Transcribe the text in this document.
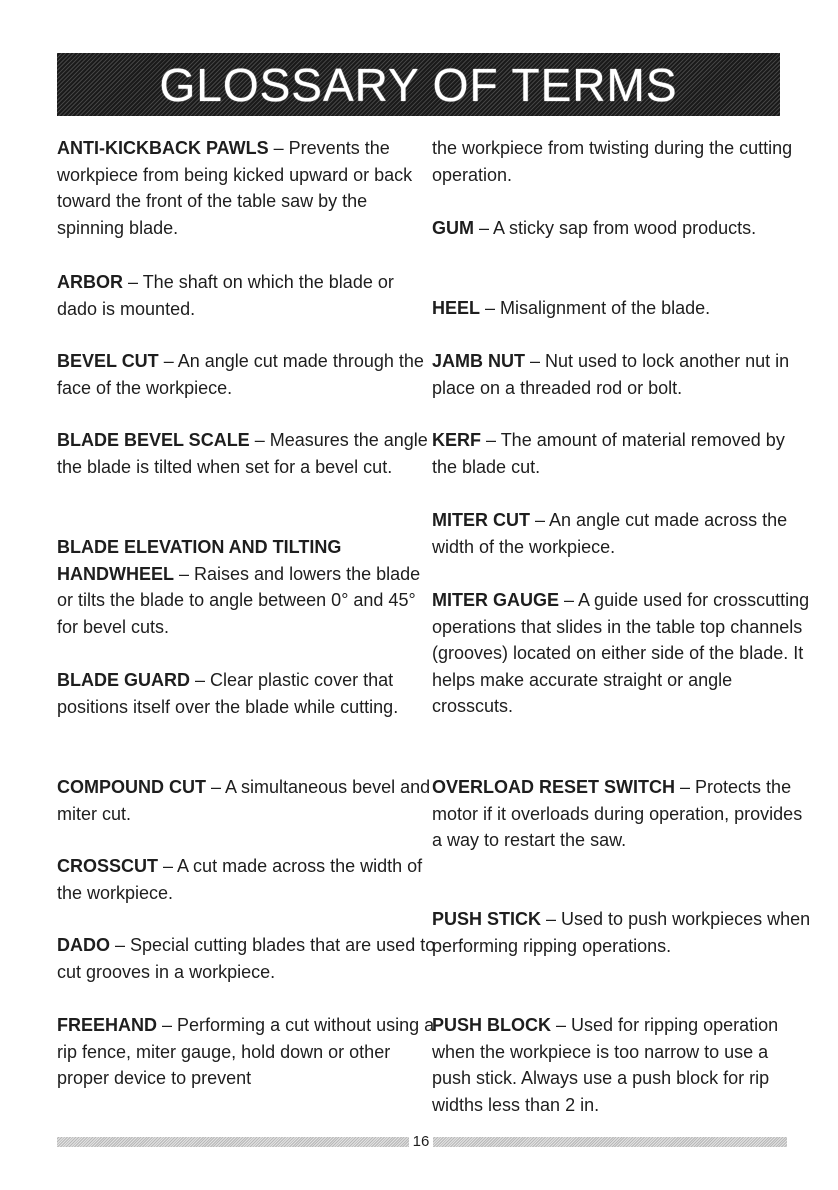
GLOSSARY OF TERMS
ANTI-KICKBACK PAWLS – Prevents the workpiece from being kicked upward or back toward the front of the table saw by the spinning blade.
ARBOR – The shaft on which the blade or dado is mounted.
BEVEL CUT – An angle cut made through the face of the workpiece.
BLADE BEVEL SCALE – Measures the angle the blade is tilted when set for a bevel cut.
BLADE ELEVATION AND TILTING HANDWHEEL – Raises and lowers the blade or tilts the blade to angle between 0° and 45° for bevel cuts.
BLADE GUARD – Clear plastic cover that positions itself over the blade while cutting.
COMPOUND CUT – A simultaneous bevel and miter cut.
CROSSCUT – A cut made across the width of the workpiece.
DADO – Special cutting blades that are used to cut grooves in a workpiece.
FREEHAND – Performing a cut without using a rip fence, miter gauge, hold down or other proper device to prevent
the workpiece from twisting during the cutting operation.
GUM – A sticky sap from wood products.
HEEL – Misalignment of the blade.
JAMB NUT – Nut used to lock another nut in place on a threaded rod or bolt.
KERF – The amount of material removed by the blade cut.
MITER CUT – An angle cut made across the width of the workpiece.
MITER GAUGE – A guide used for crosscutting operations that slides in the table top channels (grooves) located on either side of the blade. It helps make accurate straight or angle crosscuts.
OVERLOAD RESET SWITCH – Protects the motor if it overloads during operation, provides a way to restart the saw.
PUSH STICK – Used to push workpieces when performing ripping operations.
PUSH BLOCK – Used for ripping operation when the workpiece is too narrow to use a push stick. Always use a push block for rip widths less than 2 in.
16
